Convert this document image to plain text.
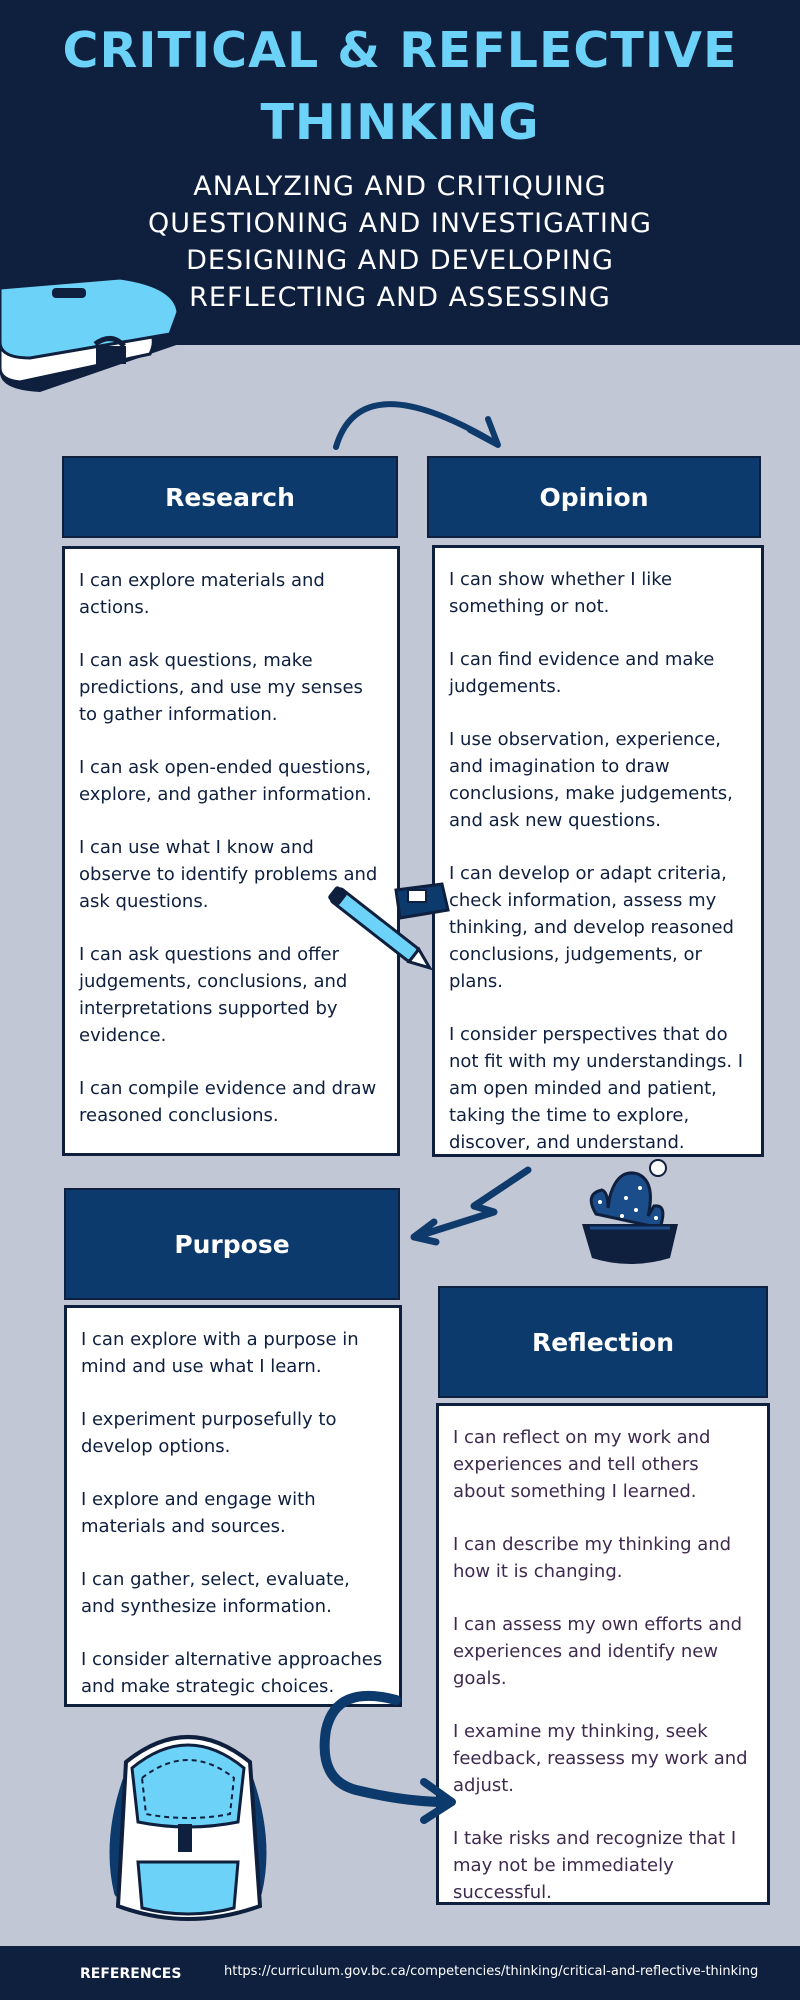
CRITICAL & REFLECTIVE
THINKING
ANALYZING AND CRITIQUING
QUESTIONING AND INVESTIGATING
DESIGNING AND DEVELOPING
REFLECTING AND ASSESSING
Research
I can explore materials and actions.
I can ask questions, make predictions, and use my senses to gather information.
I can ask open-ended questions, explore, and gather information.
I can use what I know and observe to identify problems and ask questions.
I can ask questions and offer judgements, conclusions, and interpretations supported by evidence.
I can compile evidence and draw reasoned conclusions.
Opinion
I can show whether I like something or not.
I can find evidence and make judgements.
I use observation, experience, and imagination to draw conclusions, make judgements, and ask new questions.
I can develop or adapt criteria, check information, assess my thinking, and develop reasoned conclusions, judgements, or plans.
I consider perspectives that do not fit with my understandings. I am open minded and patient, taking the time to explore, discover, and understand.
Purpose
I can explore with a purpose in mind and use what I learn.
I experiment purposefully to develop options.
I explore and engage with materials and sources.
I can gather, select, evaluate, and synthesize information.
I consider alternative approaches and make strategic choices.
Reflection
I can reflect on my work and experiences and tell others about something I learned.
I can describe my thinking and how it is changing.
I can assess my own efforts and experiences and identify new goals.
I examine my thinking, seek feedback, reassess my work and adjust.
I take risks and recognize that I may not be immediately successful.
REFERENCES	https://curriculum.gov.bc.ca/competencies/thinking/critical-and-reflective-thinking
